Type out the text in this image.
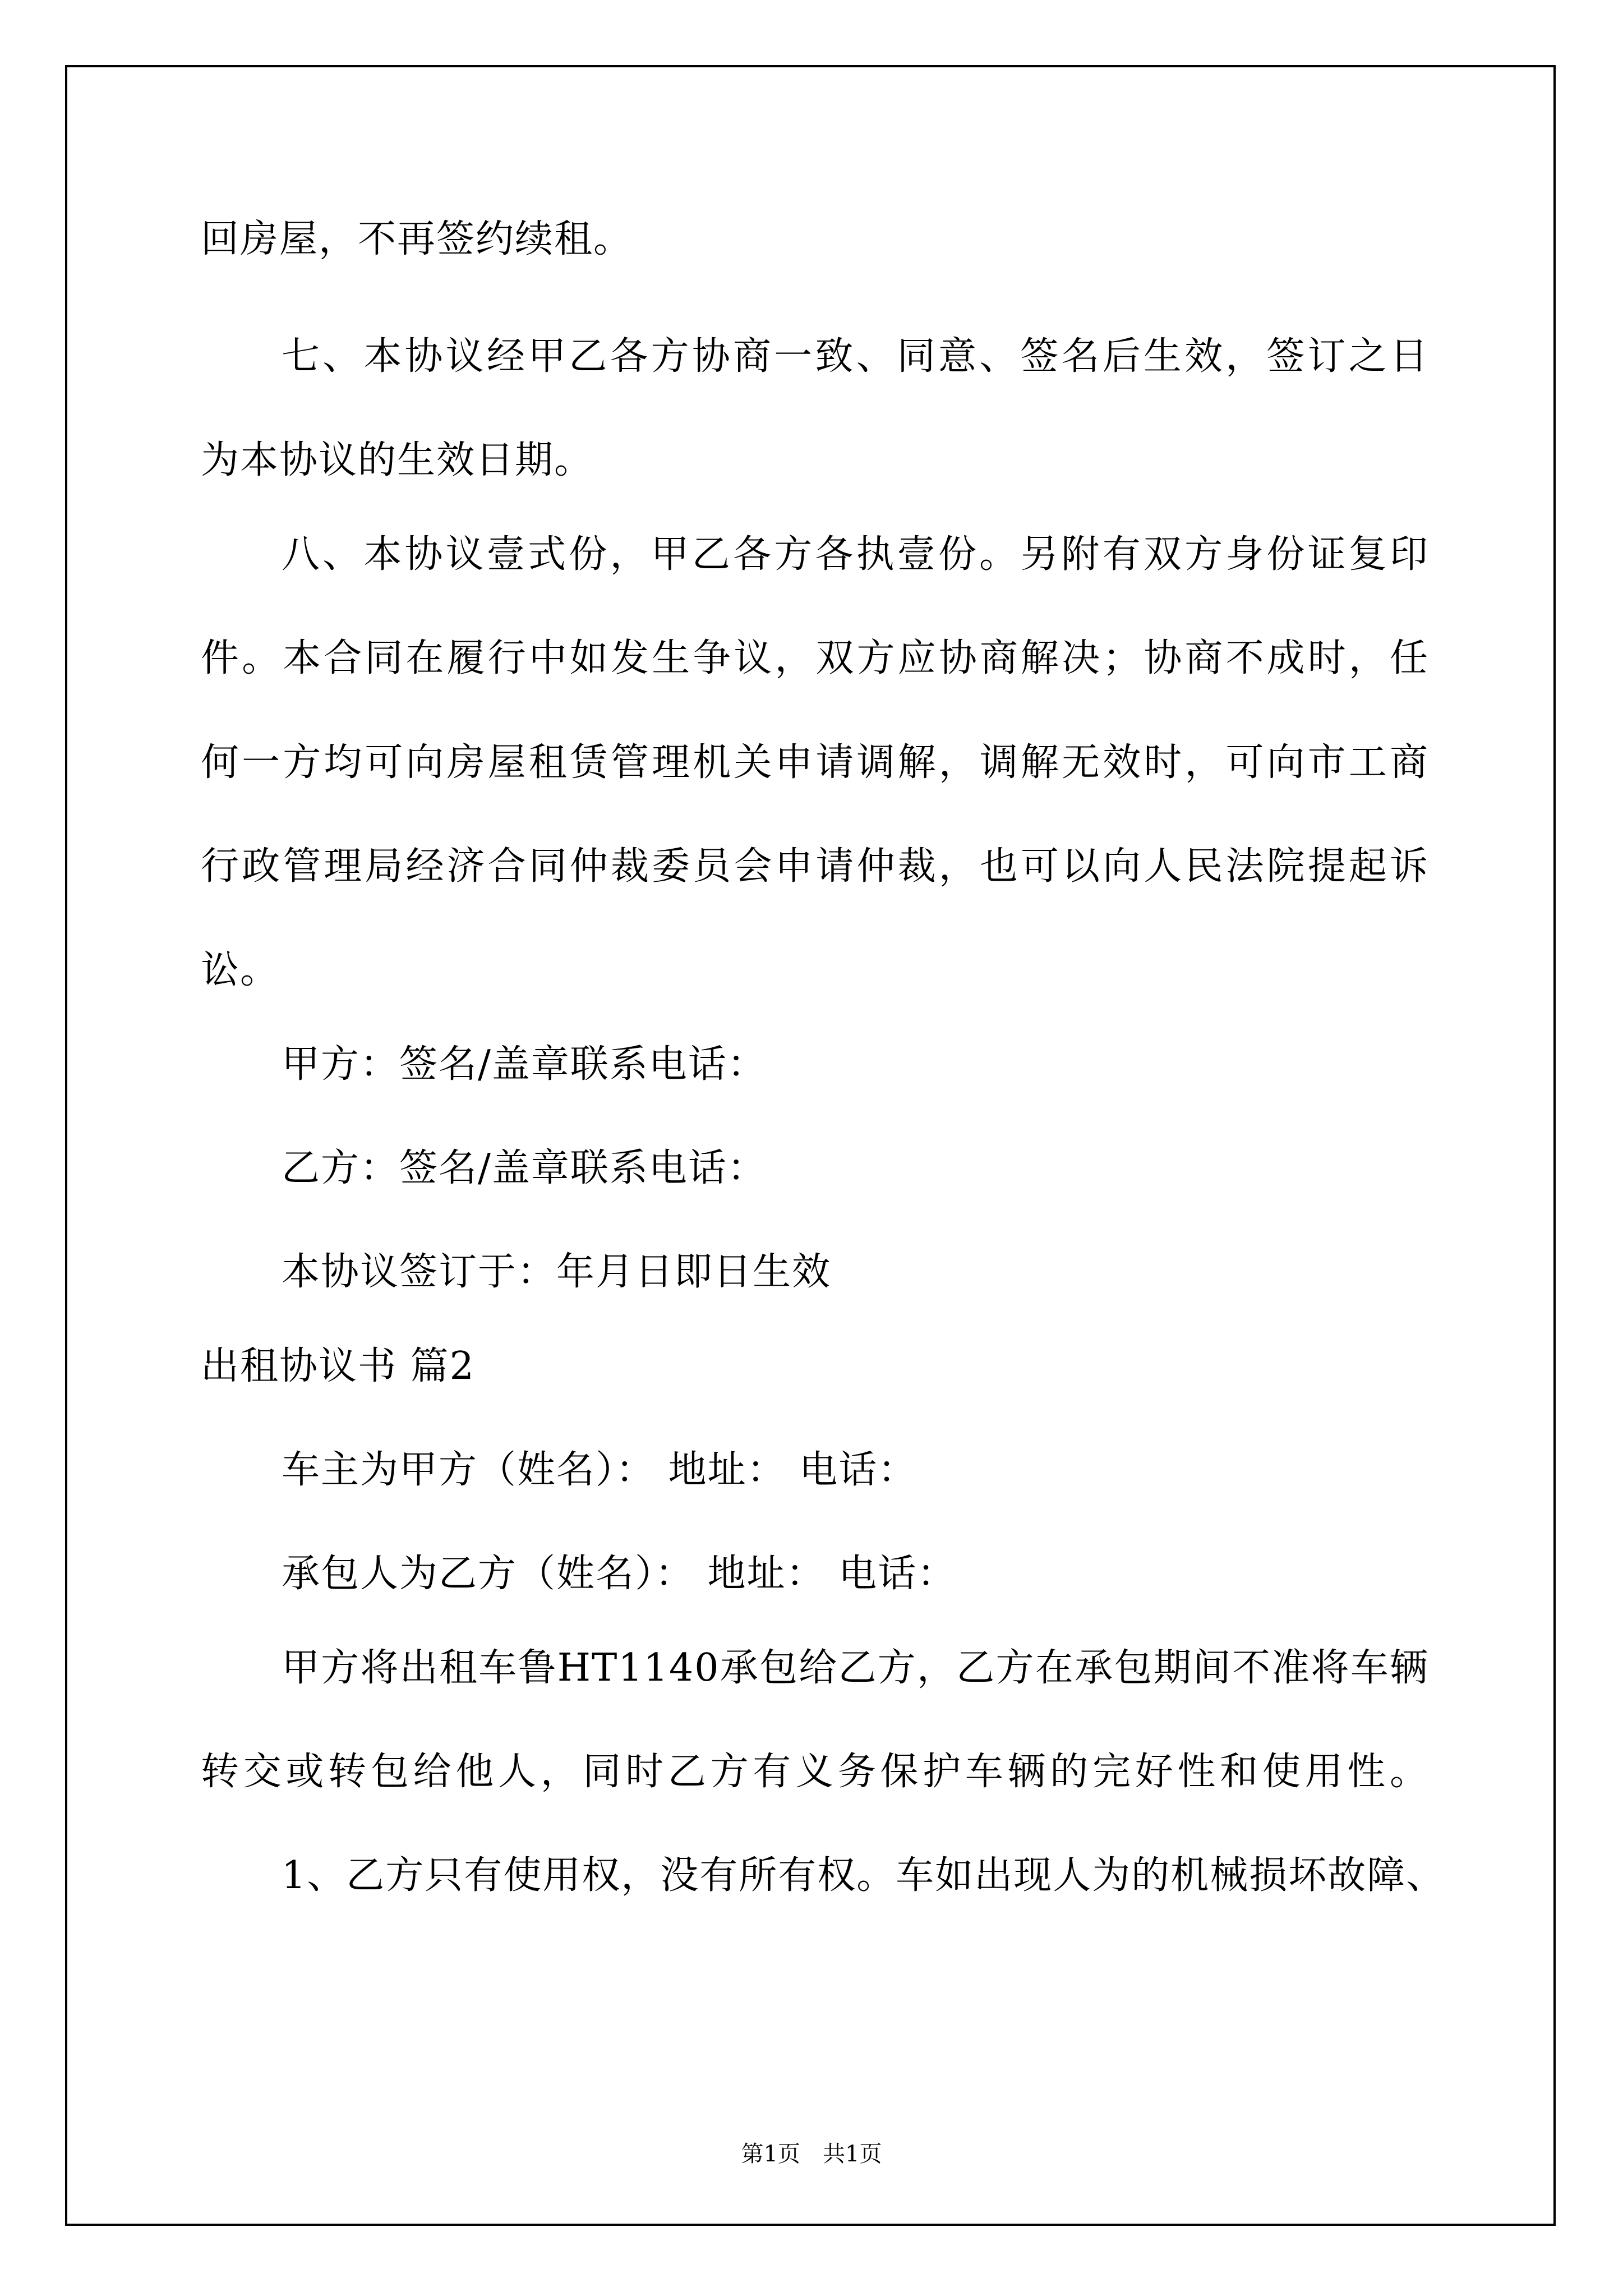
回房屋，不再签约续租。
七、本协议经甲乙各方协商一致、同意、签名后生效，签订之日
为本协议的生效日期。
八、本协议壹式份，甲乙各方各执壹份。另附有双方身份证复印
件。本合同在履行中如发生争议，双方应协商解决；协商不成时，任
何一方均可向房屋租赁管理机关申请调解，调解无效时，可向市工商
行政管理局经济合同仲裁委员会申请仲裁，也可以向人民法院提起诉
讼。
甲方：签名/盖章联系电话：
乙方：签名/盖章联系电话：
本协议签订于：年月日即日生效
出租协议书 篇2
车主为甲方（姓名）： 地址： 电话：
承包人为乙方（姓名）： 地址： 电话：
甲方将出租车鲁HT1140承包给乙方，乙方在承包期间不准将车辆
转交或转包给他人，同时乙方有义务保护车辆的完好性和使用性。
1、乙方只有使用权，没有所有权。车如出现人为的机械损坏故障、
第1页　共1页
